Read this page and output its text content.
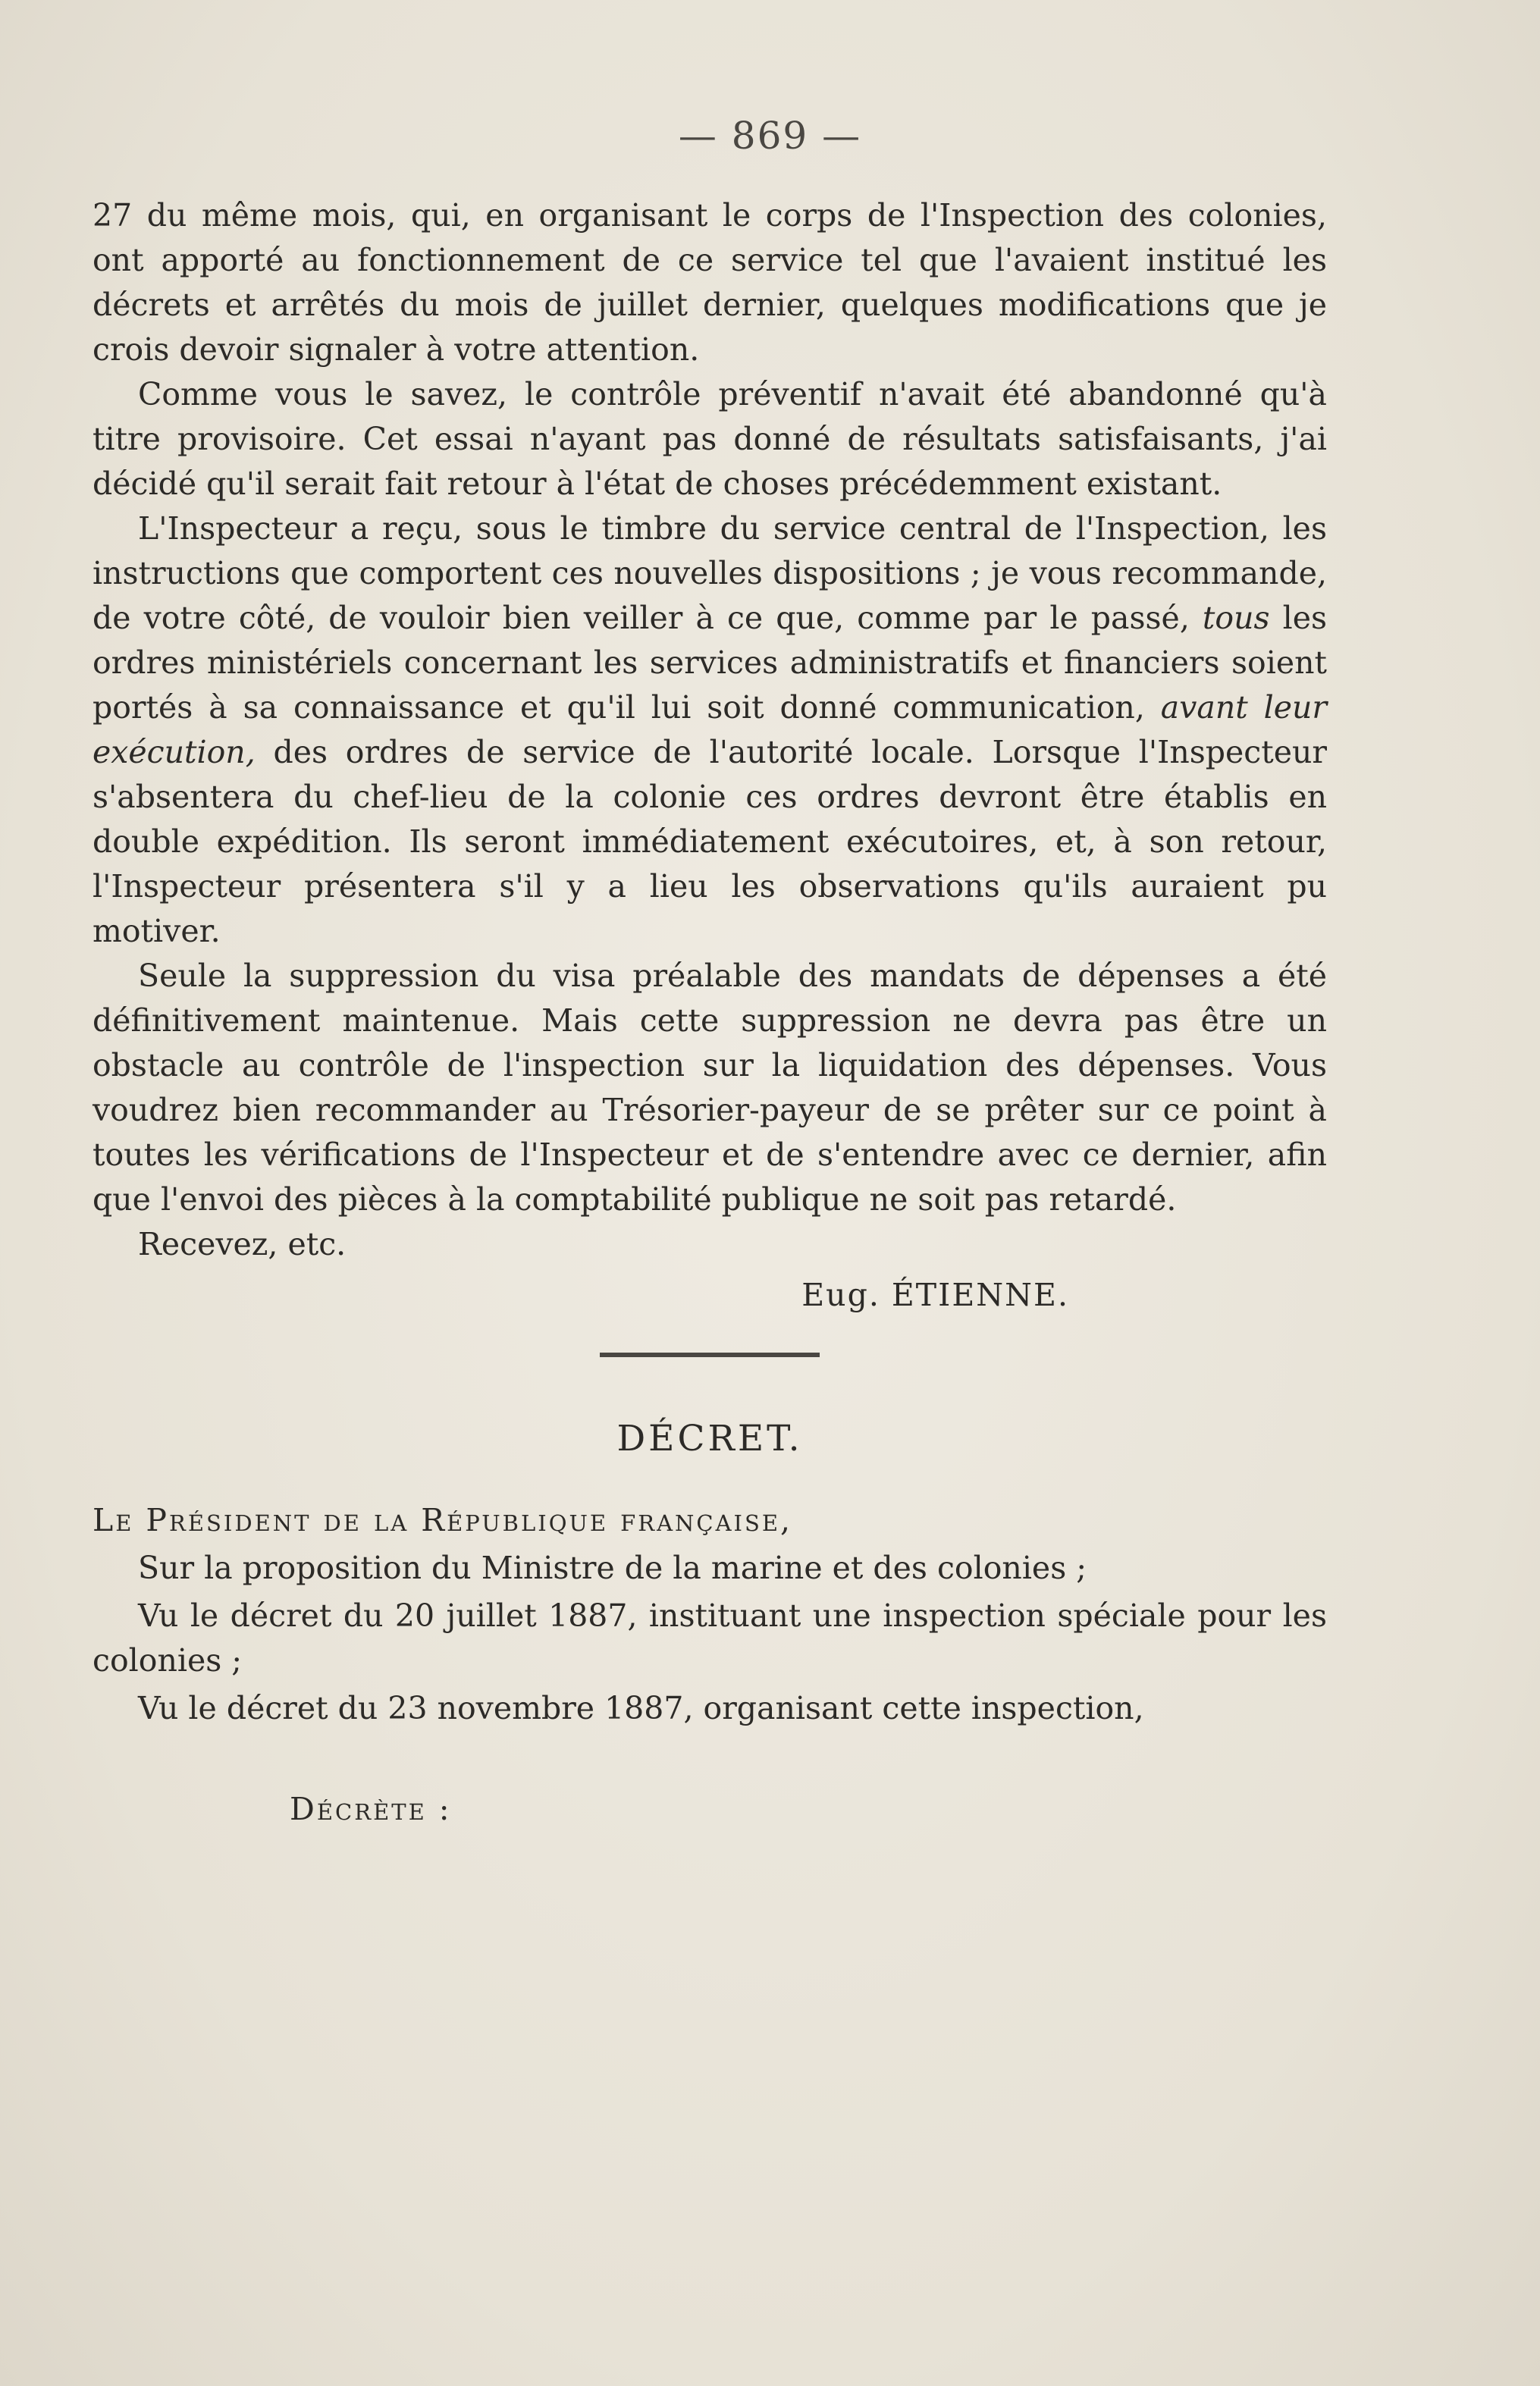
— 869 —

27 du même mois, qui, en organisant le corps de l'Inspection des colonies, ont apporté au fonctionnement de ce service tel que l'avaient institué les décrets et arrêtés du mois de juillet dernier, quelques modifications que je crois devoir signaler à votre attention.

Comme vous le savez, le contrôle préventif n'avait été abandonné qu'à titre provisoire. Cet essai n'ayant pas donné de résultats satisfaisants, j'ai décidé qu'il serait fait retour à l'état de choses précédemment existant.

L'Inspecteur a reçu, sous le timbre du service central de l'Inspection, les instructions que comportent ces nouvelles dispositions ; je vous recommande, de votre côté, de vouloir bien veiller à ce que, comme par le passé, tous les ordres ministériels concernant les services administratifs et financiers soient portés à sa connaissance et qu'il lui soit donné communication, avant leur exécution, des ordres de service de l'autorité locale. Lorsque l'Inspecteur s'absentera du chef-lieu de la colonie ces ordres devront être établis en double expédition. Ils seront immédiatement exécutoires, et, à son retour, l'Inspecteur présentera s'il y a lieu les observations qu'ils auraient pu motiver.

Seule la suppression du visa préalable des mandats de dépenses a été définitivement maintenue. Mais cette suppression ne devra pas être un obstacle au contrôle de l'inspection sur la liquidation des dépenses. Vous voudrez bien recommander au Trésorier-payeur de se prêter sur ce point à toutes les vérifications de l'Inspecteur et de s'entendre avec ce dernier, afin que l'envoi des pièces à la comptabilité publique ne soit pas retardé.

Recevez, etc.

Eug. ÉTIENNE.
DÉCRET.
Le Président de la République française,

Sur la proposition du Ministre de la marine et des colonies ;

Vu le décret du 20 juillet 1887, instituant une inspection spéciale pour les colonies ;

Vu le décret du 23 novembre 1887, organisant cette inspection,

Décrète :
